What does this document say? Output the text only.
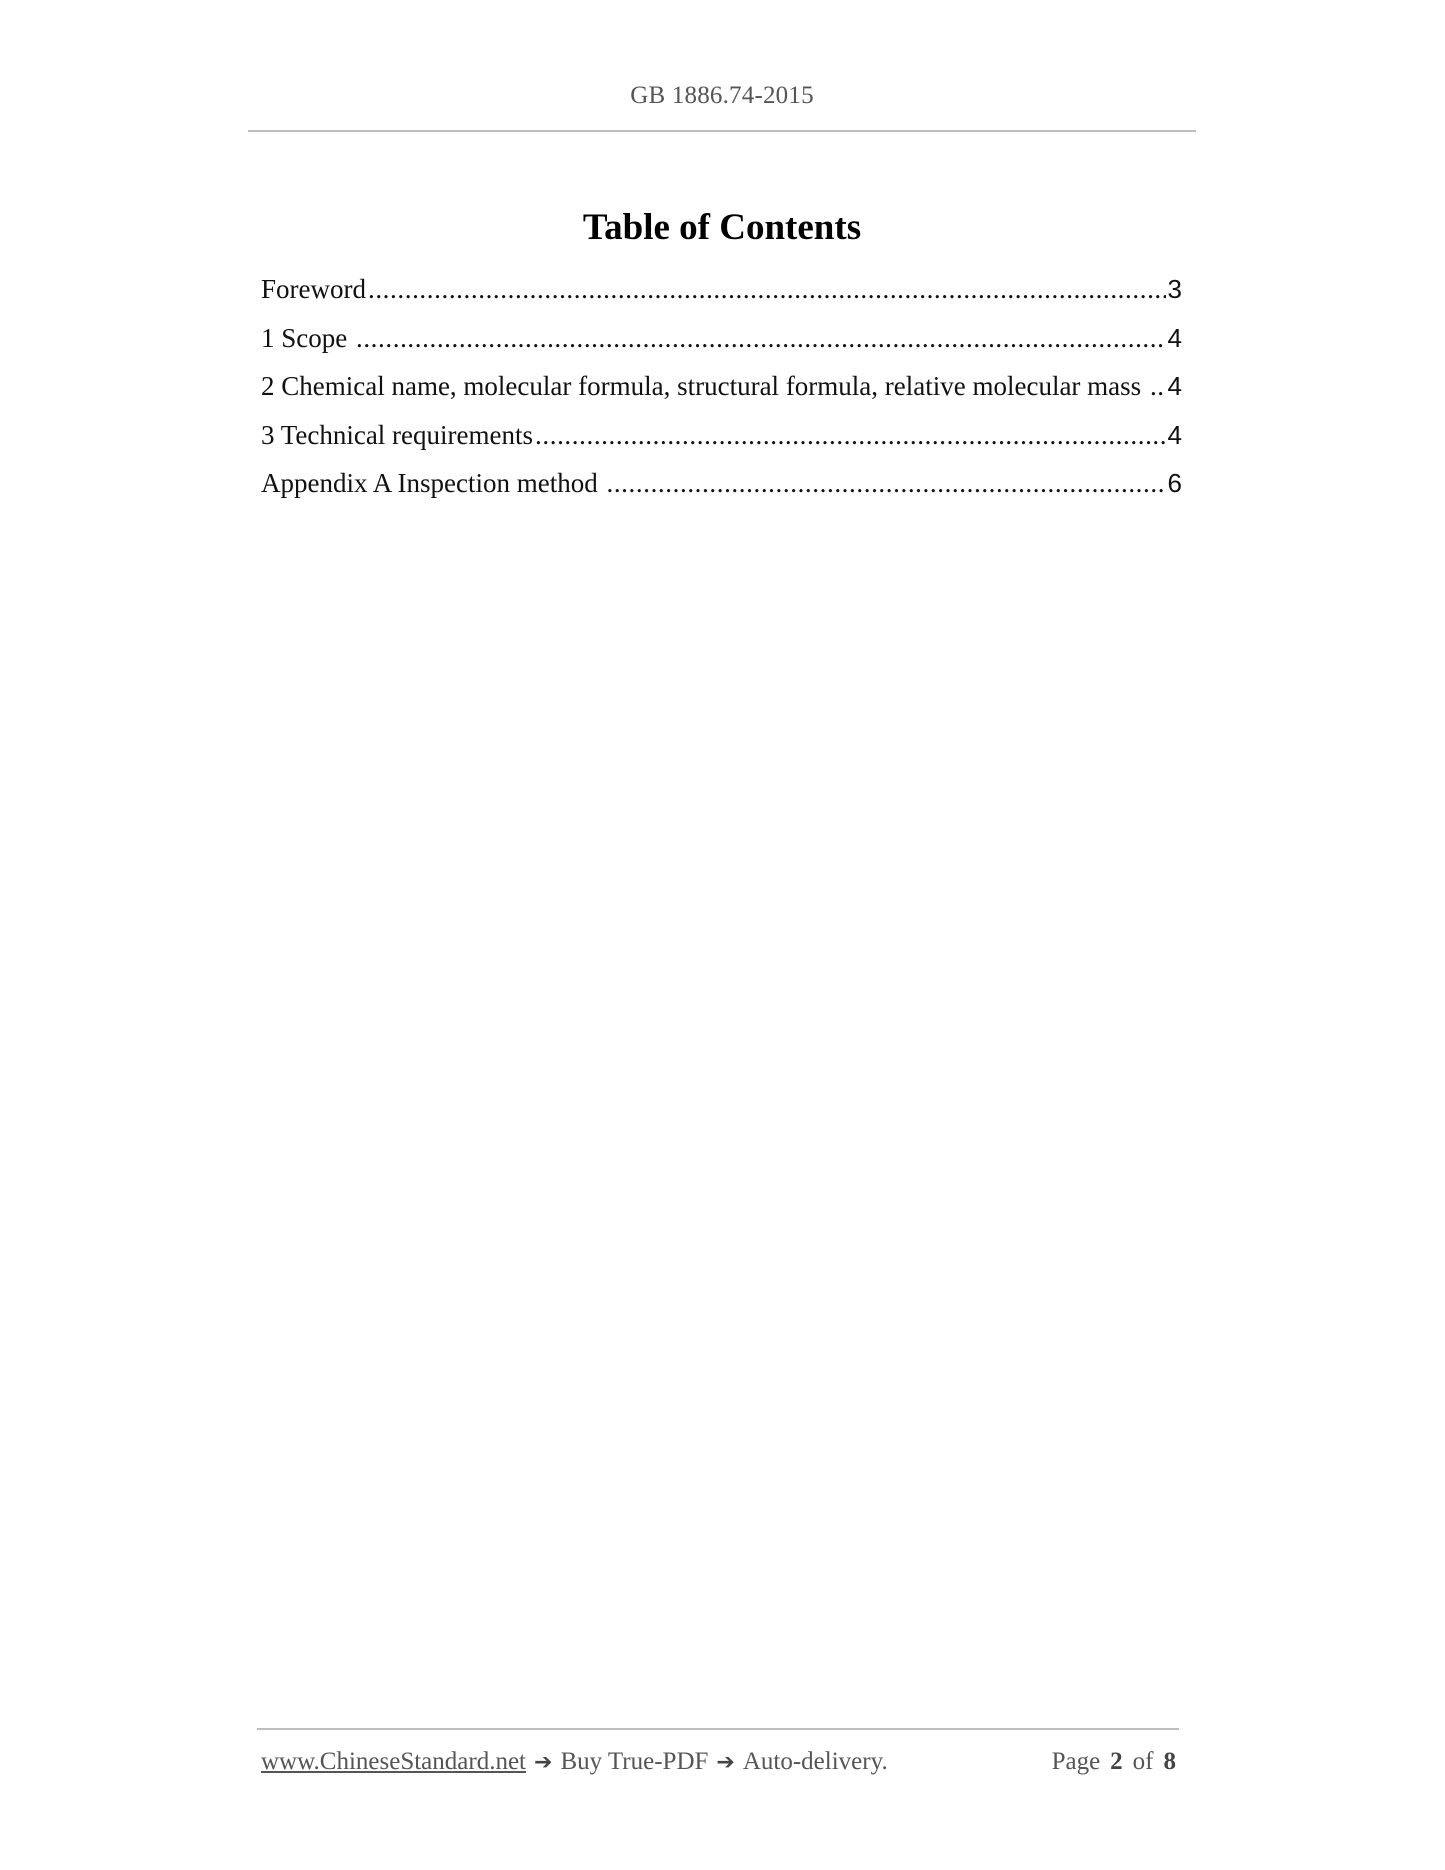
GB 1886.74-2015
Table of Contents
Foreword .....	3
1 Scope .....	4
2 Chemical name, molecular formula, structural formula, relative molecular mass ..... 4
3 Technical requirements .....	4
Appendix A Inspection method .....	6
www.ChineseStandard.net ➔ Buy True-PDF ➔ Auto-delivery.	Page 2 of 8
